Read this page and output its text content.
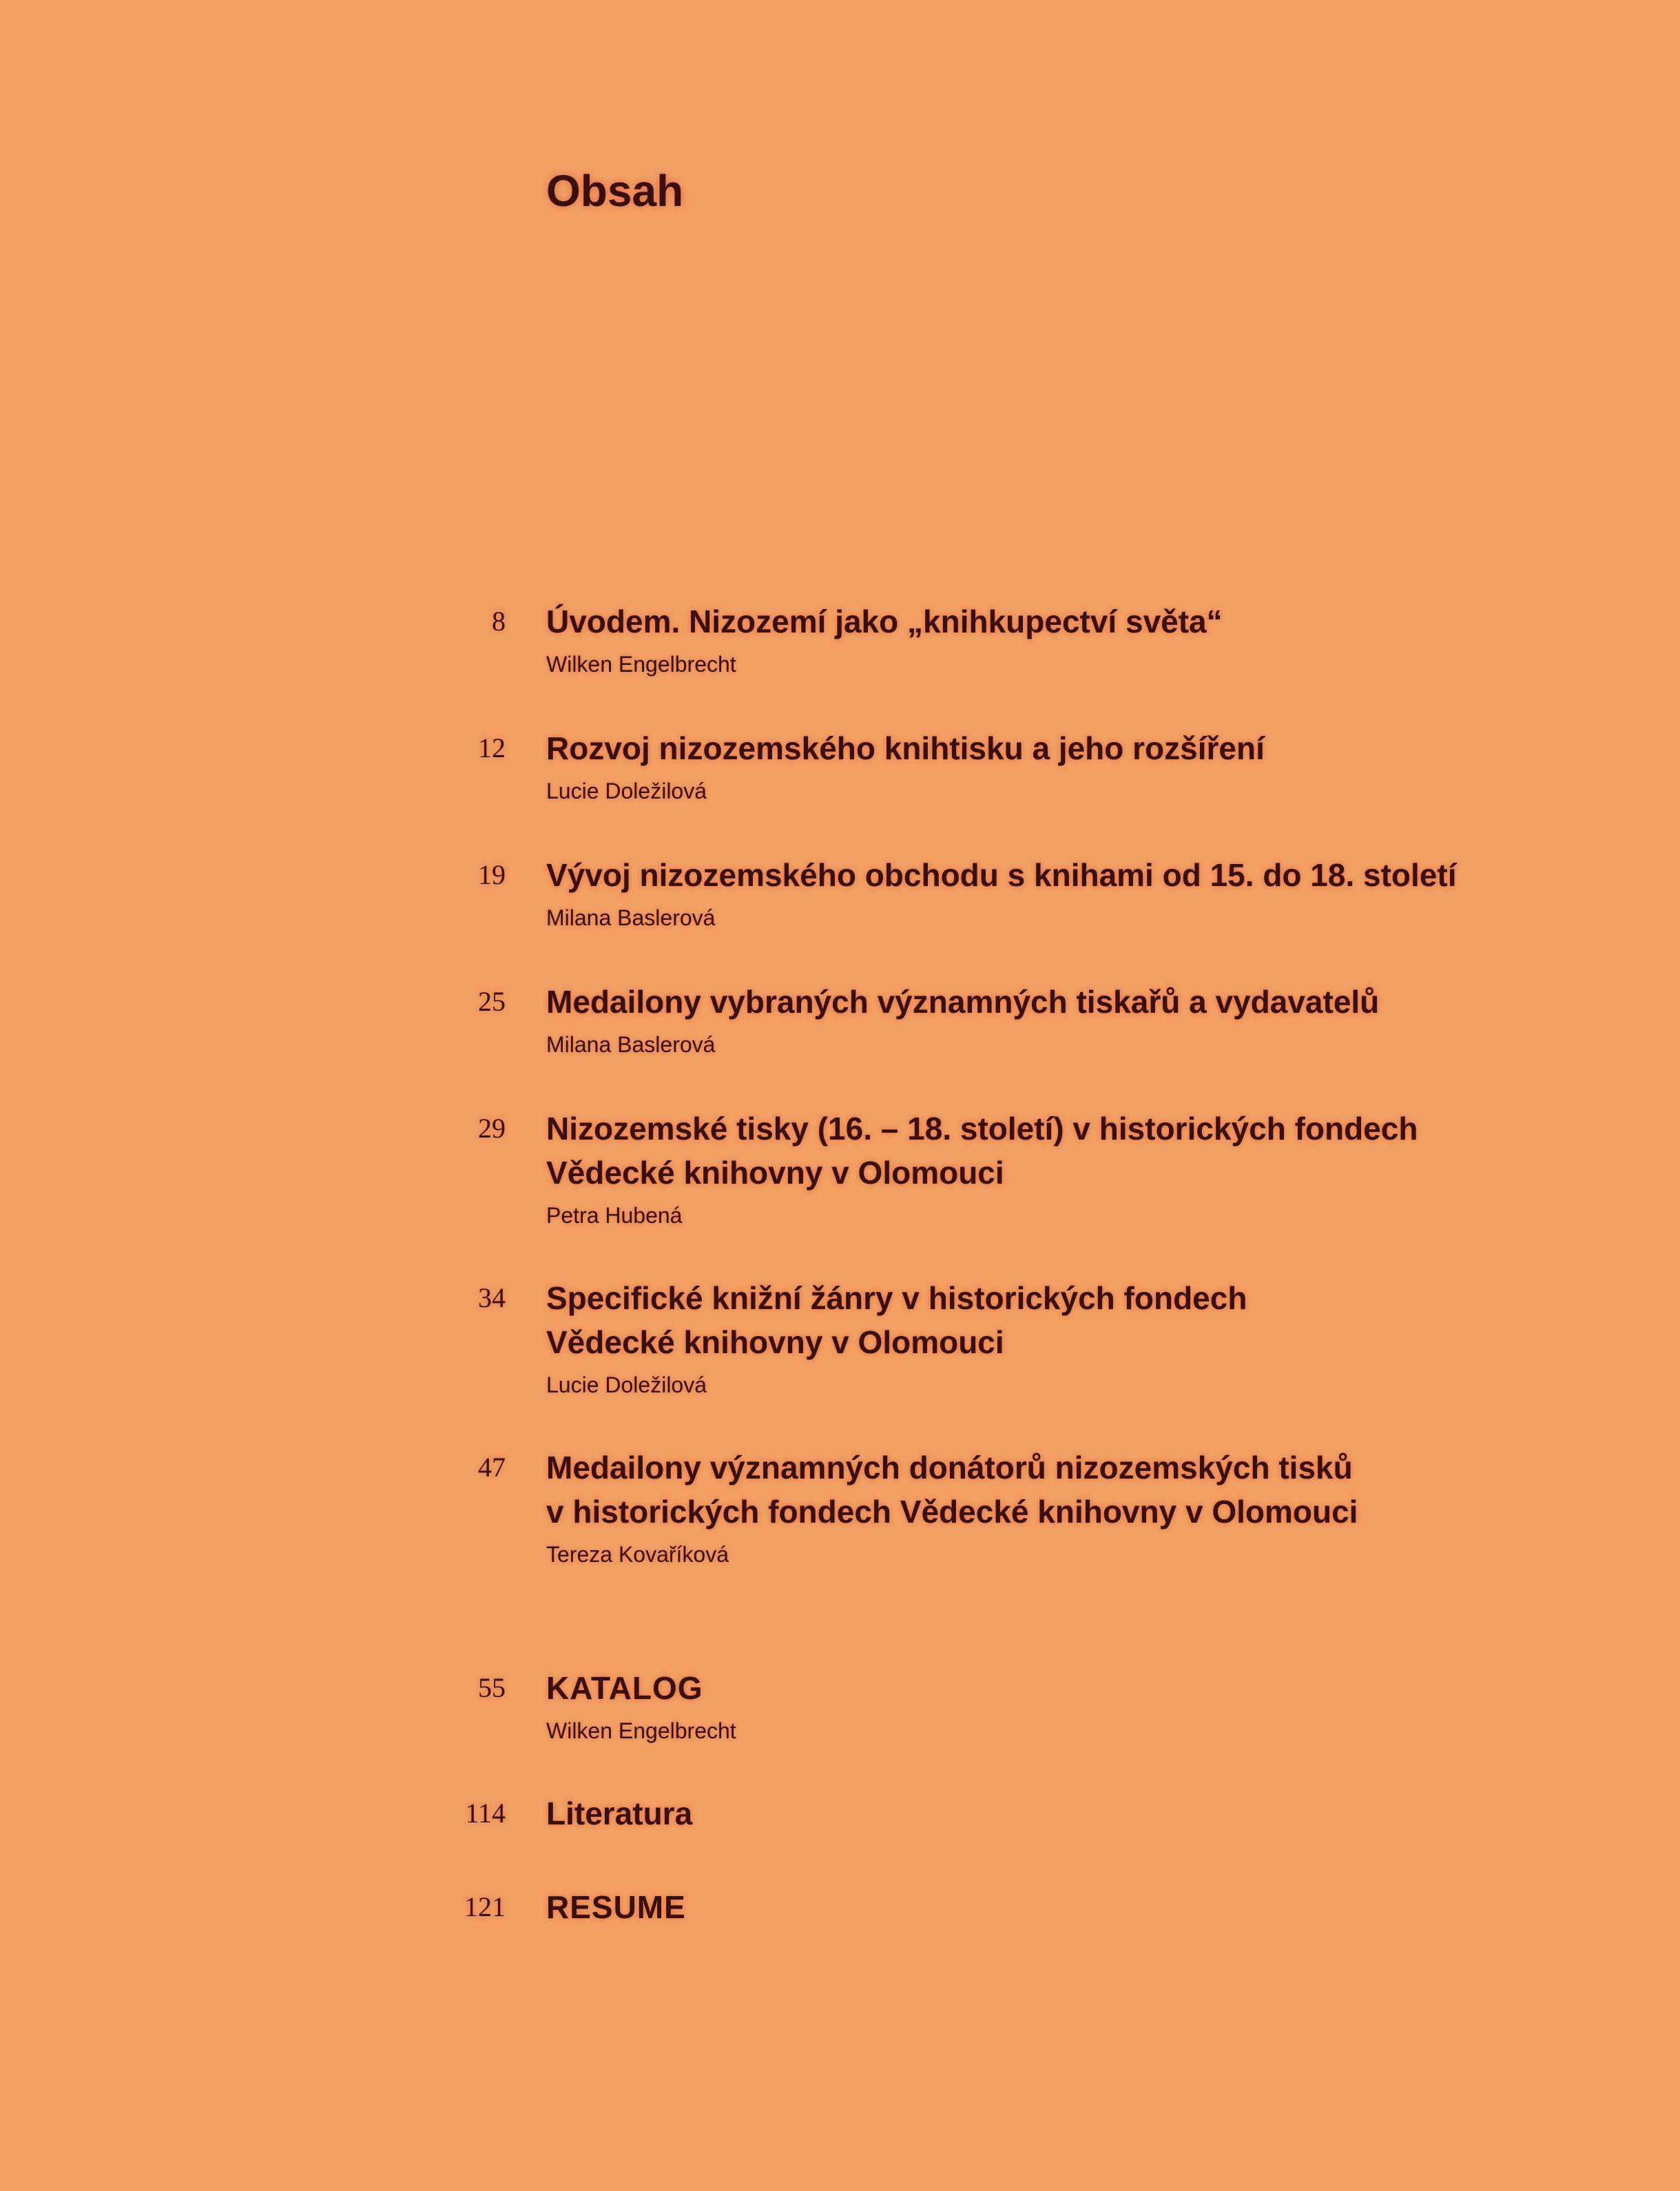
Obsah
8 Úvodem. Nizozemí jako „knihkupectví světa“
Wilken Engelbrecht
12 Rozvoj nizozemského knihtisku a jeho rozšíření
Lucie Doležilová
19 Vývoj nizozemského obchodu s knihami od 15. do 18. století
Milana Baslerová
25 Medailony vybraných významných tiskařů a vydavatelů
Milana Baslerová
29 Nizozemské tisky (16. – 18. století) v historických fondech
Vědecké knihovny v Olomouci
Petra Hubená
34 Specifické knižní žánry v historických fondech
Vědecké knihovny v Olomouci
Lucie Doležilová
47 Medailony významných donátorů nizozemských tisků
v historických fondech Vědecké knihovny v Olomouci
Tereza Kovaříková
55 KATALOG
Wilken Engelbrecht
114 Literatura
121 RESUME
